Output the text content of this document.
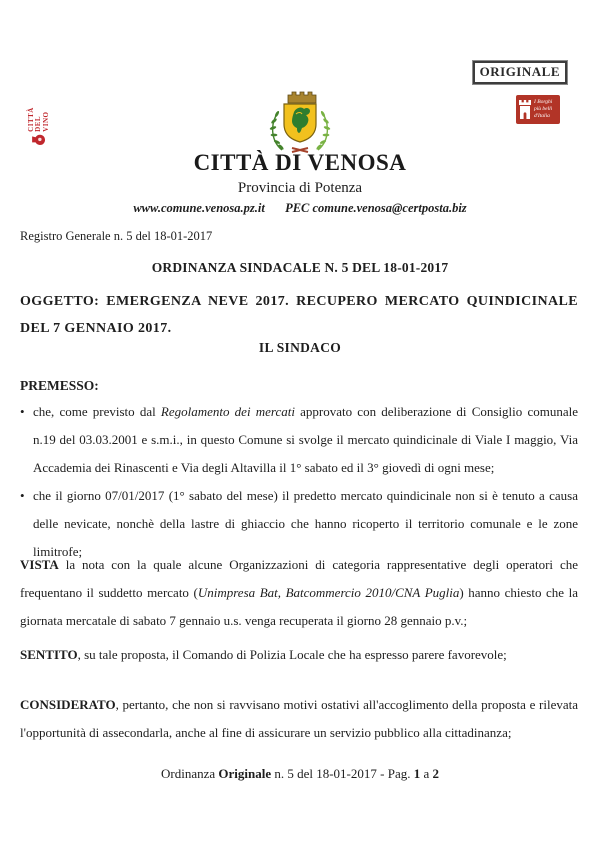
ORIGINALE
CITTÀ DEL VINO
I Borghi
più belli
d'Italia
CITTÀ DI VENOSA
Provincia di Potenza
www.comune.venosa.pz.it PEC comune.venosa@certposta.biz
Registro Generale n. 5 del 18-01-2017
ORDINANZA SINDACALE N. 5 DEL 18-01-2017
OGGETTO: EMERGENZA NEVE 2017. RECUPERO MERCATO QUINDICINALE DEL 7 GENNAIO 2017.
IL SINDACO
PREMESSO:
• che, come previsto dal Regolamento dei mercati approvato con deliberazione di Consiglio comunale n.19 del 03.03.2001 e s.m.i., in questo Comune si svolge il mercato quindicinale di Viale I maggio, Via Accademia dei Rinascenti e Via degli Altavilla il 1° sabato ed il 3° giovedì di ogni mese;
• che il giorno 07/01/2017 (1° sabato del mese) il predetto mercato quindicinale non si è tenuto a causa delle nevicate, nonchè della lastre di ghiaccio che hanno ricoperto il territorio comunale e le zone limitrofe;

VISTA la nota con la quale alcune Organizzazioni di categoria rappresentative degli operatori che frequentano il suddetto mercato (Unimpresa Bat, Batcommercio 2010/CNA Puglia) hanno chiesto che la giornata mercatale di sabato 7 gennaio u.s. venga recuperata il giorno 28 gennaio p.v.;

SENTITO, su tale proposta, il Comando di Polizia Locale che ha espresso parere favorevole;

CONSIDERATO, pertanto, che non si ravvisano motivi ostativi all'accoglimento della proposta e rilevata l'opportunità di assecondarla, anche al fine di assicurare un servizio pubblico alla cittadinanza;

Ordinanza Originale n. 5 del 18-01-2017 - Pag. 1 a 2
